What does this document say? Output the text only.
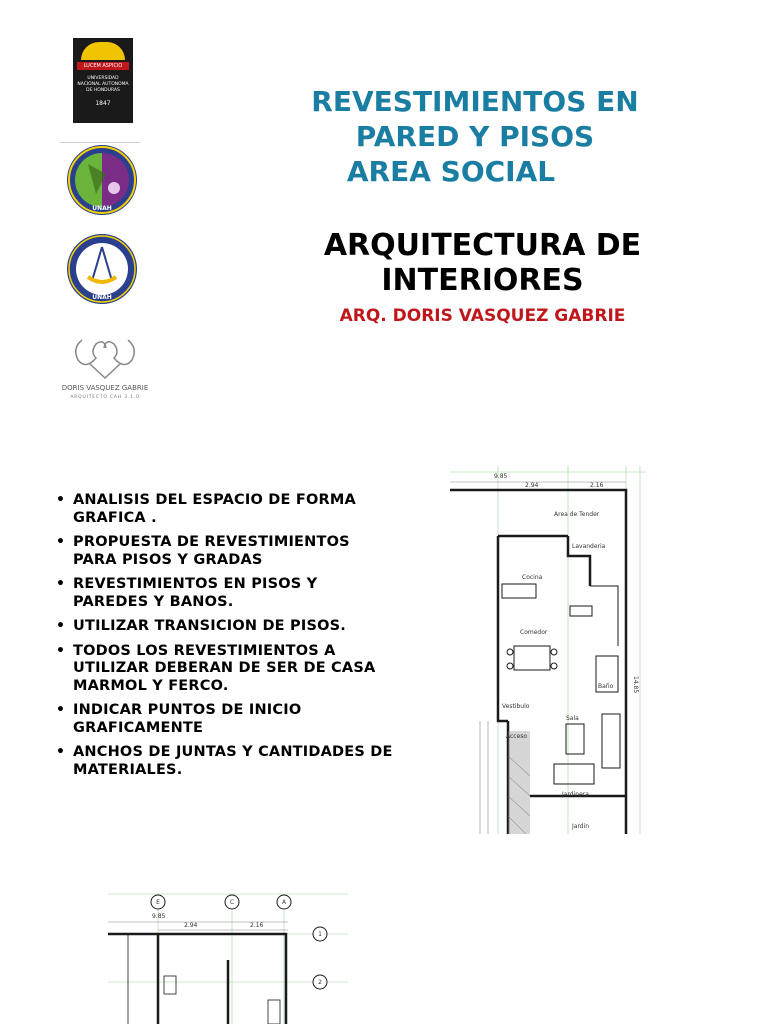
LUCEM ASPICIO
UNIVERSIDAD NACIONAL AUTONOMA DE HONDURAS
1847
UNAH
UNAH
DORIS VASQUEZ GABRIE
ARQUITECTO CAH 3.1.0
REVESTIMIENTOS EN
PARED Y PISOS
AREA SOCIAL
ARQUITECTURA DE
INTERIORES
ARQ. DORIS VASQUEZ GABRIE
• ANALISIS DEL ESPACIO DE FORMA GRAFICA .
• PROPUESTA DE REVESTIMIENTOS PARA PISOS Y GRADAS
• REVESTIMIENTOS EN PISOS Y PAREDES Y BANOS.
• UTILIZAR TRANSICION DE PISOS.
• TODOS LOS REVESTIMIENTOS A UTILIZAR DEBERAN DE SER DE CASA MARMOL Y FERCO.
• INDICAR PUNTOS DE INICIO GRAFICAMENTE
• ANCHOS DE JUNTAS Y CANTIDADES DE MATERIALES.
9.85
2.94	2.16
14.85
Area de Tender
Lavanderia
Cocina
Comedor
Baño
Vestibulo
Sala
Acceso
Jardinera
Jardin
E	C	A
1
2
9.85
2.94	2.16
